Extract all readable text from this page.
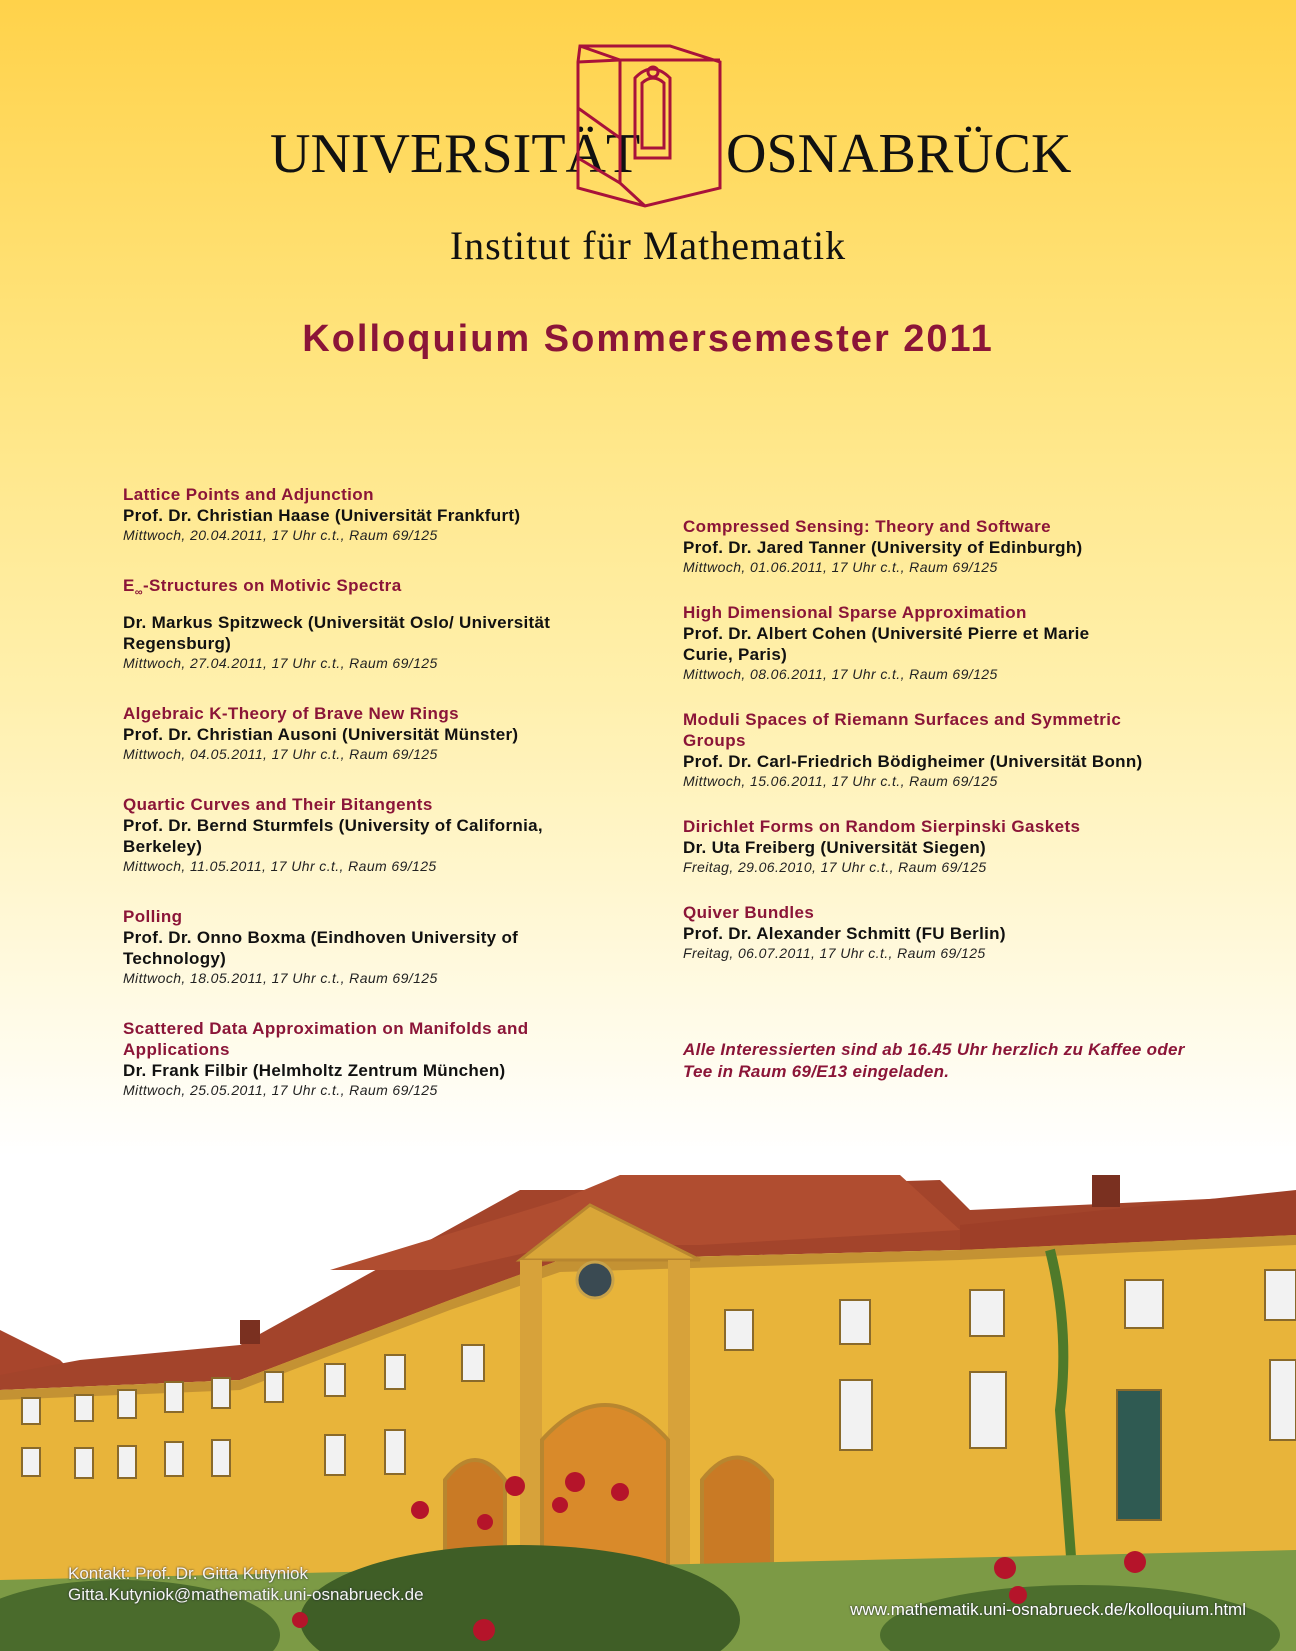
UNIVERSITÄT OSNABRÜCK
Institut für Mathematik
Kolloquium Sommersemester 2011
Lattice Points and Adjunction
Prof. Dr. Christian Haase (Universität Frankfurt)
Mittwoch, 20.04.2011, 17 Uhr c.t., Raum 69/125
$E_\infty$-Structures on Motivic Spectra
Dr. Markus Spitzweck (Universität Oslo/ Universität Regensburg)
Mittwoch, 27.04.2011, 17 Uhr c.t., Raum 69/125
Algebraic K-Theory of Brave New Rings
Prof. Dr. Christian Ausoni (Universität Münster)
Mittwoch, 04.05.2011, 17 Uhr c.t., Raum 69/125
Quartic Curves and Their Bitangents
Prof. Dr. Bernd Sturmfels (University of California, Berkeley)
Mittwoch, 11.05.2011, 17 Uhr c.t., Raum 69/125
Polling
Prof. Dr. Onno Boxma (Eindhoven University of Technology)
Mittwoch, 18.05.2011, 17 Uhr c.t., Raum 69/125
Scattered Data Approximation on Manifolds and Applications
Dr. Frank Filbir (Helmholtz Zentrum München)
Mittwoch, 25.05.2011, 17 Uhr c.t., Raum 69/125
Compressed Sensing: Theory and Software
Prof. Dr. Jared Tanner (University of Edinburgh)
Mittwoch, 01.06.2011, 17 Uhr c.t., Raum 69/125
High Dimensional Sparse Approximation
Prof. Dr. Albert Cohen (Université Pierre et Marie Curie, Paris)
Mittwoch, 08.06.2011, 17 Uhr c.t., Raum 69/125
Moduli Spaces of Riemann Surfaces and Symmetric Groups
Prof. Dr. Carl-Friedrich Bödigheimer (Universität Bonn)
Mittwoch, 15.06.2011, 17 Uhr c.t., Raum 69/125
Dirichlet Forms on Random Sierpinski Gaskets
Dr. Uta Freiberg (Universität Siegen)
Freitag, 29.06.2010, 17 Uhr c.t., Raum 69/125
Quiver Bundles
Prof. Dr. Alexander Schmitt (FU Berlin)
Freitag, 06.07.2011, 17 Uhr c.t., Raum 69/125
Alle Interessierten sind ab 16.45 Uhr herzlich zu Kaffee oder Tee in Raum 69/E13 eingeladen.
Kontakt: Prof. Dr. Gitta Kutyniok
Gitta.Kutyniok@mathematik.uni-osnabrueck.de
www.mathematik.uni-osnabrueck.de/kolloquium.html
